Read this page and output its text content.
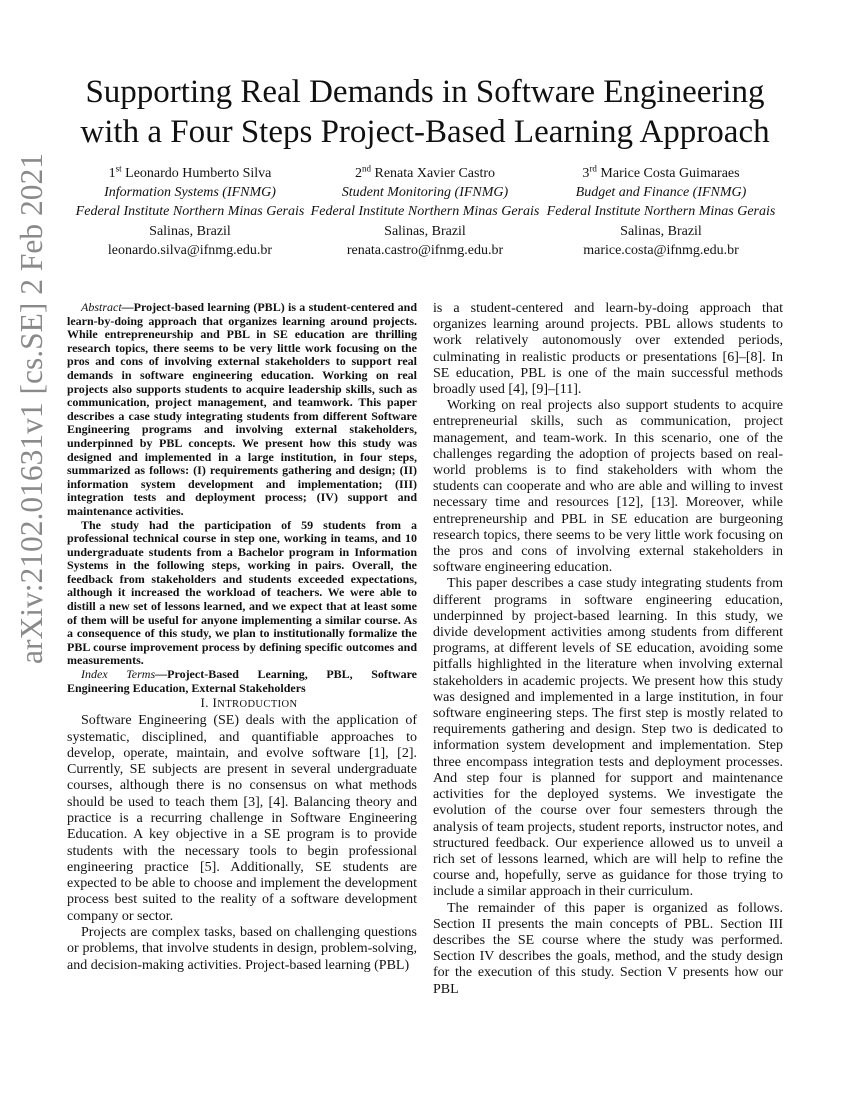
Supporting Real Demands in Software Engineering
with a Four Steps Project-Based Learning Approach
1st Leonardo Humberto Silva
Information Systems (IFNMG)
Federal Institute Northern Minas Gerais
Salinas, Brazil
leonardo.silva@ifnmg.edu.br
2nd Renata Xavier Castro
Student Monitoring (IFNMG)
Federal Institute Northern Minas Gerais
Salinas, Brazil
renata.castro@ifnmg.edu.br
3rd Marice Costa Guimaraes
Budget and Finance (IFNMG)
Federal Institute Northern Minas Gerais
Salinas, Brazil
marice.costa@ifnmg.edu.br
arXiv:2102.01631v1 [cs.SE] 2 Feb 2021	Abstract—Project-based learning (PBL) is a student-centered and learn-by-doing approach that organizes learning around projects. While entrepreneurship and PBL in SE education are thrilling research topics, there seems to be very little work focusing on the pros and cons of involving external stakeholders to support real demands in software engineering education. Working on real projects also supports students to acquire leadership skills, such as communication, project management, and teamwork. This paper describes a case study integrating students from different Software Engineering programs and involving external stakeholders, underpinned by PBL concepts. We present how this study was designed and implemented in a large institution, in four steps, summarized as follows: (I) requirements gathering and design; (II) information system development and implementation; (III) integration tests and deployment process; (IV) support and maintenance activities.

The study had the participation of 59 students from a professional technical course in step one, working in teams, and 10 undergraduate students from a Bachelor program in Information Systems in the following steps, working in pairs. Overall, the feedback from stakeholders and students exceeded expectations, although it increased the workload of teachers. We were able to distill a new set of lessons learned, and we expect that at least some of them will be useful for anyone implementing a similar course. As a consequence of this study, we plan to institutionally formalize the PBL course improvement process by defining specific outcomes and measurements.

Index Terms—Project-Based Learning, PBL, Software Engineering Education, External Stakeholders

I. INTRODUCTION

Software Engineering (SE) deals with the application of systematic, disciplined, and quantifiable approaches to develop, operate, maintain, and evolve software [1], [2]. Currently, SE subjects are present in several undergraduate courses, although there is no consensus on what methods should be used to teach them [3], [4]. Balancing theory and practice is a recurring challenge in Software Engineering Education. A key objective in a SE program is to provide students with the necessary tools to begin professional engineering practice [5]. Additionally, SE students are expected to be able to choose and implement the development process best suited to the reality of a software development company or sector.

Projects are complex tasks, based on challenging questions or problems, that involve students in design, problem-solving, and decision-making activities. Project-based learning (PBL)

is a student-centered and learn-by-doing approach that organizes learning around projects. PBL allows students to work relatively autonomously over extended periods, culminating in realistic products or presentations [6]–[8]. In SE education, PBL is one of the main successful methods broadly used [4], [9]–[11].

Working on real projects also support students to acquire entrepreneurial skills, such as communication, project management, and team-work. In this scenario, one of the challenges regarding the adoption of projects based on real-world problems is to find stakeholders with whom the students can cooperate and who are able and willing to invest necessary time and resources [12], [13]. Moreover, while entrepreneurship and PBL in SE education are burgeoning research topics, there seems to be very little work focusing on the pros and cons of involving external stakeholders in software engineering education.

This paper describes a case study integrating students from different programs in software engineering education, underpinned by project-based learning. In this study, we divide development activities among students from different programs, at different levels of SE education, avoiding some pitfalls highlighted in the literature when involving external stakeholders in academic projects. We present how this study was designed and implemented in a large institution, in four software engineering steps. The first step is mostly related to requirements gathering and design. Step two is dedicated to information system development and implementation. Step three encompass integration tests and deployment processes. And step four is planned for support and maintenance activities for the deployed systems. We investigate the evolution of the course over four semesters through the analysis of team projects, student reports, instructor notes, and structured feedback. Our experience allowed us to unveil a rich set of lessons learned, which are will help to refine the course and, hopefully, serve as guidance for those trying to include a similar approach in their curriculum.

The remainder of this paper is organized as follows. Section II presents the main concepts of PBL. Section III describes the SE course where the study was performed. Section IV describes the goals, method, and the study design for the execution of this study. Section V presents how our PBL
